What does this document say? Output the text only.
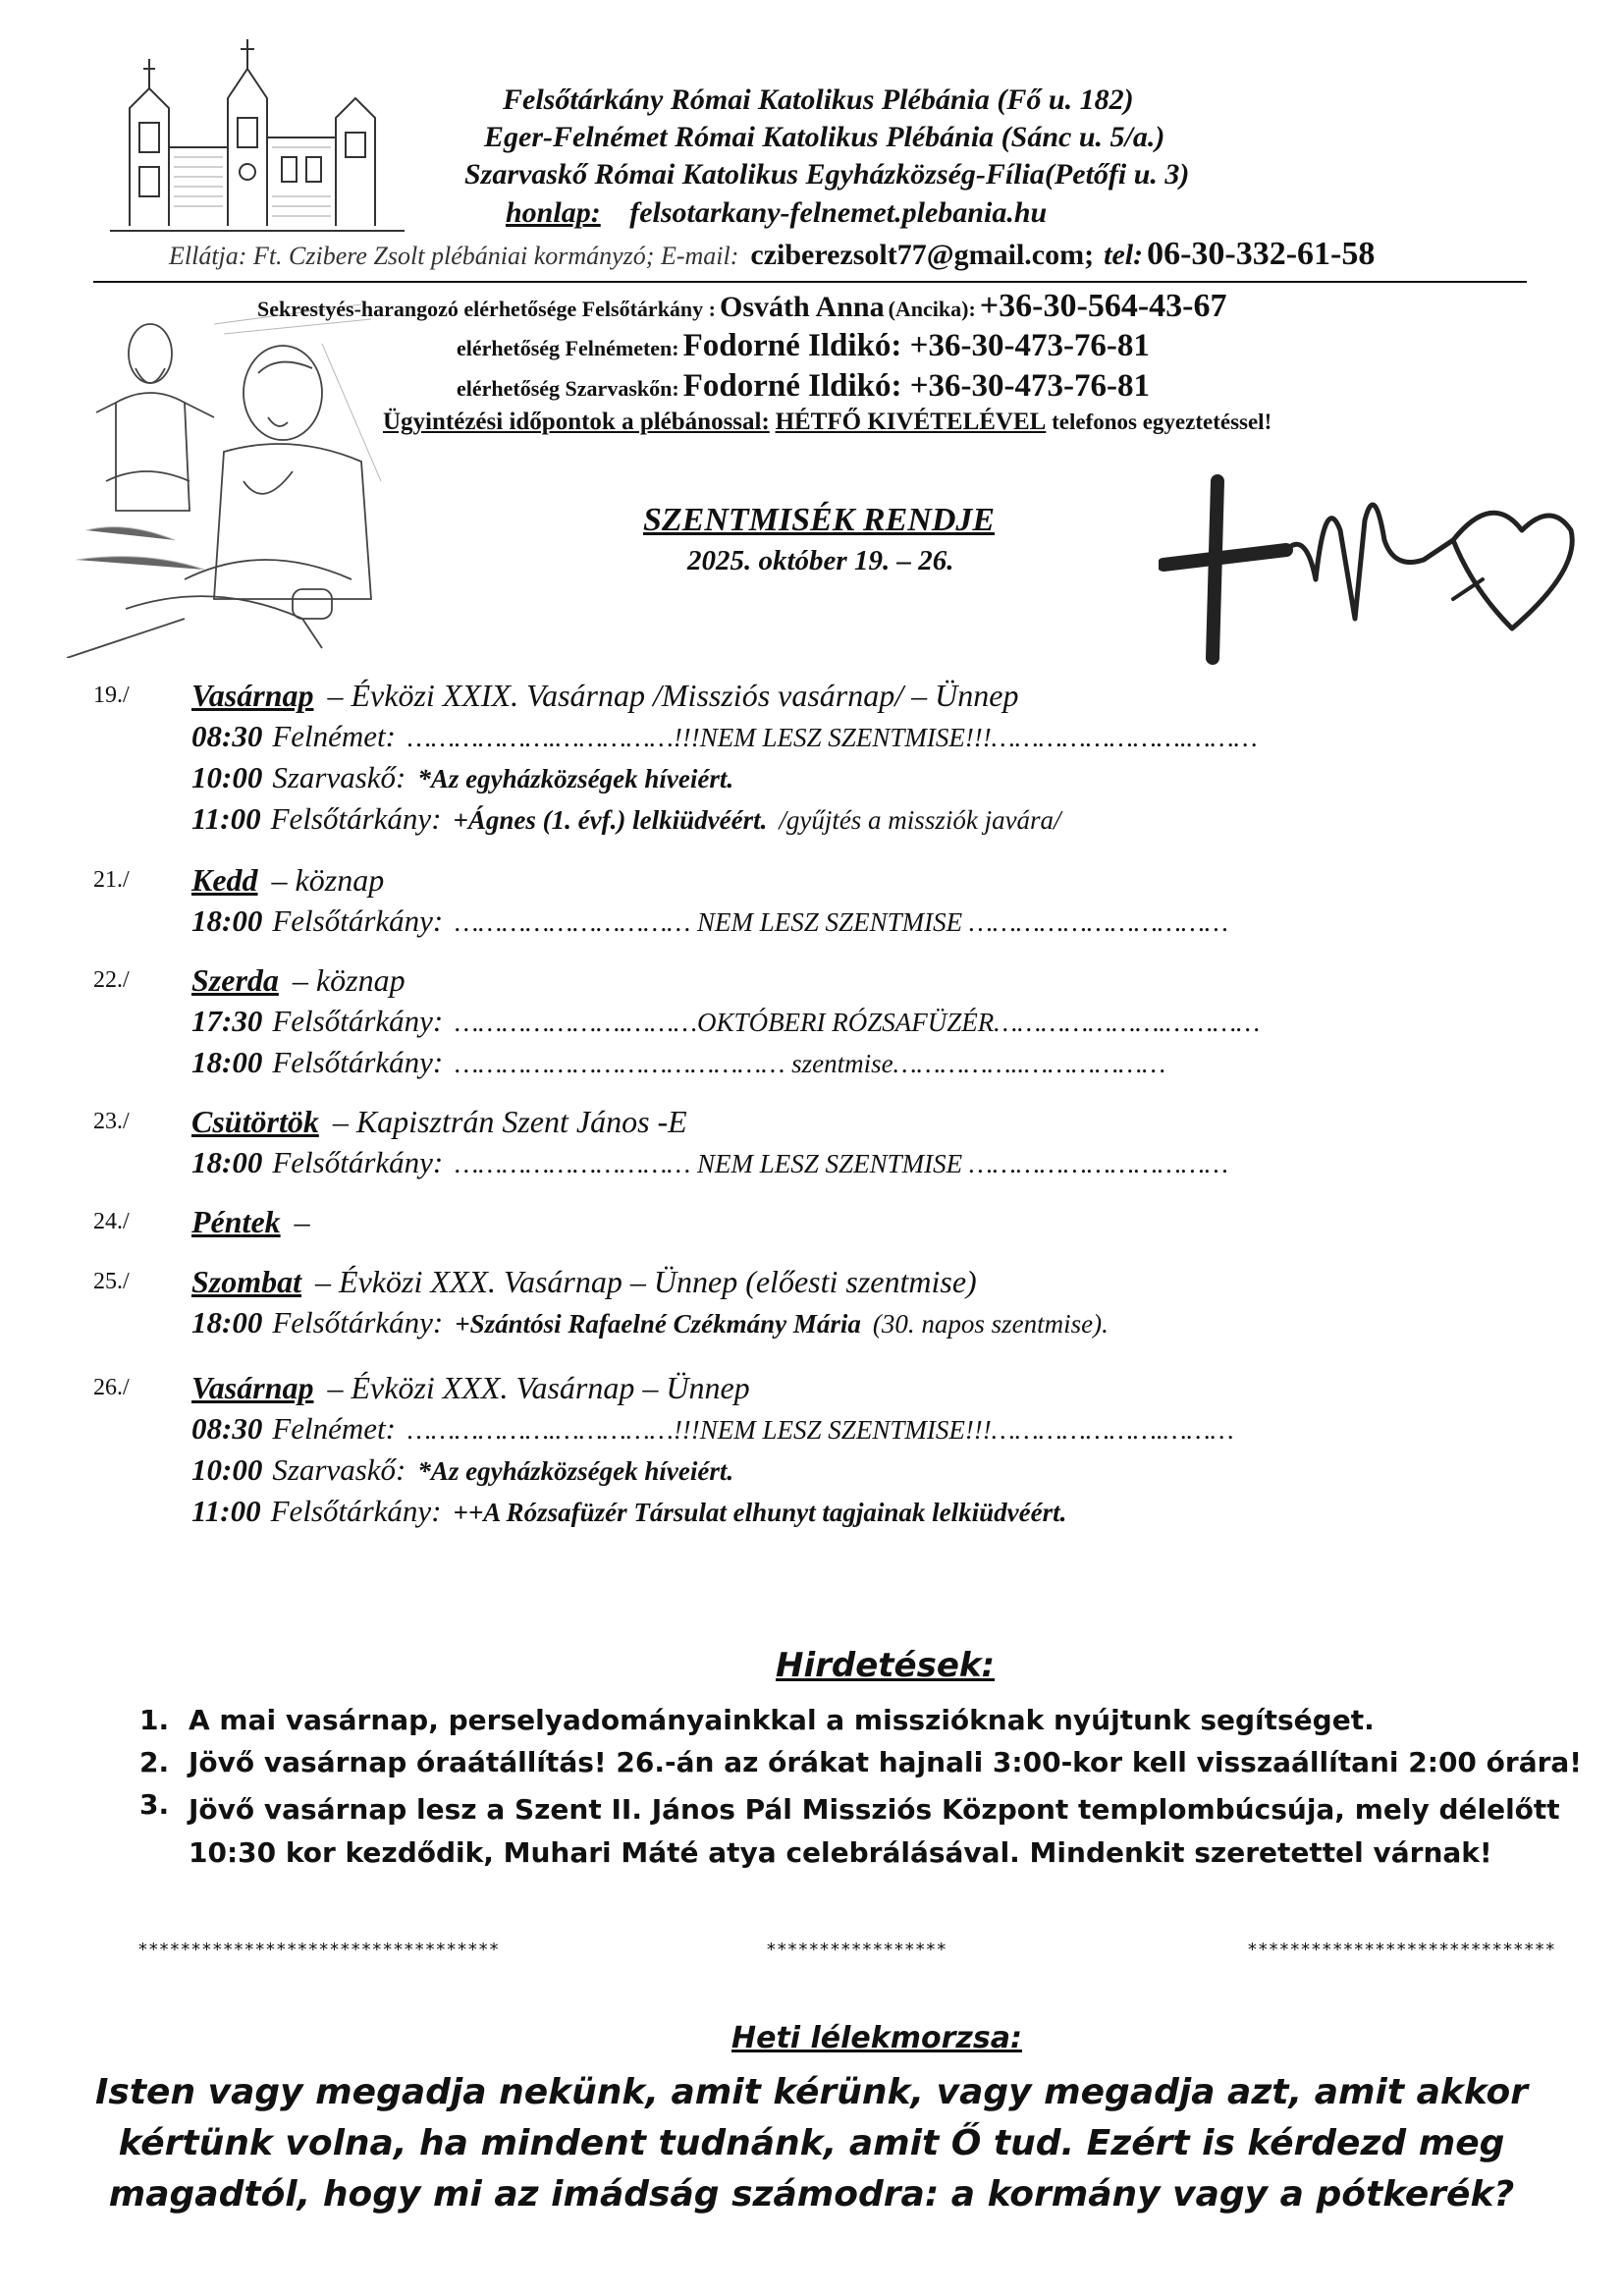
Felsőtárkány Római Katolikus Plébánia (Fő u. 182)
Eger-Felnémet Római Katolikus Plébánia (Sánc u. 5/a.)
Szarvaskő Római Katolikus Egyházközség-Fília(Petőfi u. 3)
honlap: felsotarkany-felnemet.plebania.hu
Ellátja: Ft. Czibere Zsolt plébániai kormányzó; E-mail: cziberezsolt77@gmail.com; tel: 06-30-332-61-58
Sekrestyés-harangozó elérhetősége Felsőtárkány : Osváth Anna (Ancika): +36-30-564-43-67
elérhetőség Felnémeten: Fodorné Ildikó: +36-30-473-76-81
elérhetőség Szarvaskőn: Fodorné Ildikó: +36-30-473-76-81
Ügyintézési időpontok a plébánossal: HÉTFŐ KIVÉTELÉVEL telefonos egyeztetéssel!
SZENTMISÉK RENDJE
2025. október 19. – 26.
19./ Vasárnap – Évközi XXIX. Vasárnap /Missziós vasárnap/ – Ünnep
08:30 Felnémet: ……………….……………!!!NEM LESZ SZENTMISE!!!…………………….………
10:00 Szarvaskő: *Az egyházközségek híveiért.
11:00 Felsőtárkány: +Ágnes (1. évf.) lelkiüdvéért. /gyűjtés a missziók javára/
21./ Kedd – köznap
18:00 Felsőtárkány: ………………………… NEM LESZ SZENTMISE ……………………………
22./ Szerda – köznap
17:30 Felsőtárkány: ………………….………OKTÓBERI RÓZSAFÜZÉR………………….…………
18:00 Felsőtárkány: …………………………………… szentmise……………..………………
23./ Csütörtök – Kapisztrán Szent János -E
18:00 Felsőtárkány: ………………………… NEM LESZ SZENTMISE ……………………………
24./ Péntek –
25./ Szombat – Évközi XXX. Vasárnap – Ünnep (előesti szentmise)
18:00 Felsőtárkány: +Szántósi Rafaelné Czékmány Mária (30. napos szentmise).
26./ Vasárnap – Évközi XXX. Vasárnap – Ünnep
08:30 Felnémet: ……………….……………!!!NEM LESZ SZENTMISE!!!………………….………
10:00 Szarvaskő: *Az egyházközségek híveiért.
11:00 Felsőtárkány: ++A Rózsafüzér Társulat elhunyt tagjainak lelkiüdvéért.
Hirdetések:
1. A mai vasárnap, perselyadományainkkal a misszióknak nyújtunk segítséget.
2. Jövő vasárnap óraátállítás! 26.-án az órákat hajnali 3:00-kor kell visszaállítani 2:00 órára!
3. Jövő vasárnap lesz a Szent II. János Pál Missziós Központ templombúcsúja, mely délelőtt 10:30 kor kezdődik, Muhari Máté atya celebrálásával. Mindenkit szeretettel várnak!
**********************************	*****************	*****************************
Heti lélekmorzsa:
Isten vagy megadja nekünk, amit kérünk, vagy megadja azt, amit akkor
kértünk volna, ha mindent tudnánk, amit Ő tud. Ezért is kérdezd meg
magadtól, hogy mi az imádság számodra: a kormány vagy a pótkerék?
